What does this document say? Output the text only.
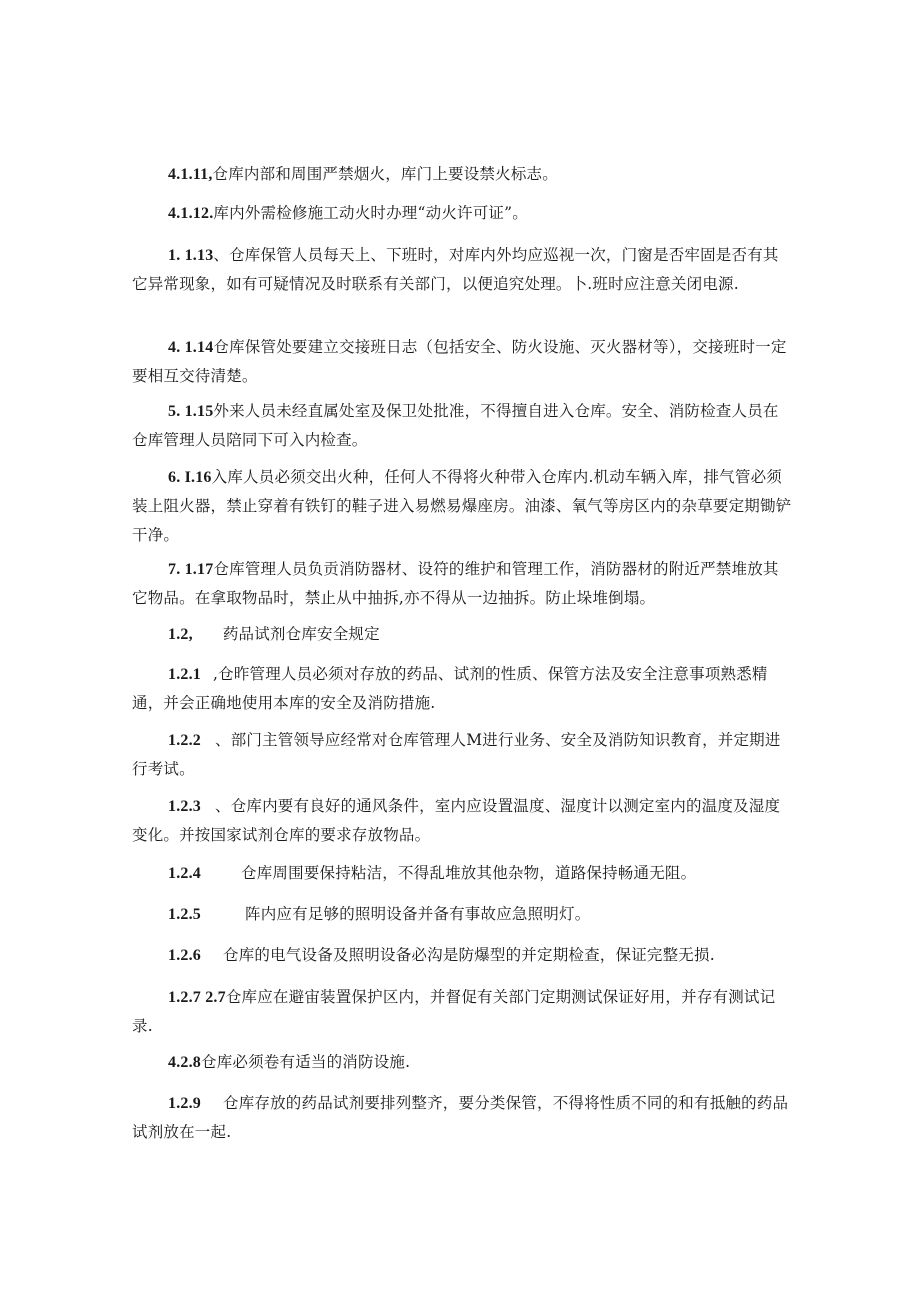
4.1.11,仓库内部和周围严禁烟火，库门上要设禁火标志。

4.1.12.库内外需检修施工动火时办理“动火许可证”。

1. 1.13、仓库保管人员每天上、下班时，对库内外均应巡视一次，门窗是否牢固是否有其它异常现象，如有可疑情况及时联系有关部门，以便追究处理。卜.班时应注意关闭电源.

4. 1.14仓库保管处要建立交接班日志（包括安全、防火设施、灭火器材等），交接班时一定要相互交待清楚。

5. 1.15外来人员未经直属处室及保卫处批准，不得擅自进入仓库。安全、消防检查人员在仓库管理人员陪同下可入内检查。

6. I.16入库人员必须交出火种，任何人不得将火种带入仓库内.机动车辆入库，排气管必须装上阻火器，禁止穿着有铁钉的鞋子进入易燃易爆座房。油漆、氧气等房区内的杂草要定期锄铲干净。

7. 1.17仓库管理人员负贡消防器材、设符的维护和管理工作，消防器材的附近严禁堆放其它物品。在拿取物品时，禁止从中抽拆,亦不得从一边抽拆。防止垛堆倒塌。

1.2, 药品试剂仓库安全规定

1.2.1 ,仓昨管理人员必须对存放的药品、试剂的性质、保管方法及安全注意事项熟悉精通，并会正确地使用本库的安全及消防措施.

1.2.2 、部门主管领导应经常对仓库管理人M进行业务、安全及消防知识教育，并定期进行考试。

1.2.3 、仓库内要有良好的通风条件，室内应设置温度、湿度计以测定室内的温度及湿度变化。并按国家试剂仓库的要求存放物品。

1.2.4	仓库周围要保持粘洁，不得乱堆放其他杂物，道路保持畅通无阻。

1.2.5	阵内应有足够的照明设备并备有事故应急照明灯。

1.2.6 仓库的电气设备及照明设备必沟是防爆型的并定期检查，保证完整无损.

1.2.7 2.7仓库应在避宙装置保护区内，并督促有关部门定期测试保证好用，并存有测试记录.

4.2.8仓库必须卷有适当的消防设施.

1.2.9 仓库存放的药品试剂要排列整齐，要分类保管，不得将性质不同的和有抵触的药品试剂放在一起.
